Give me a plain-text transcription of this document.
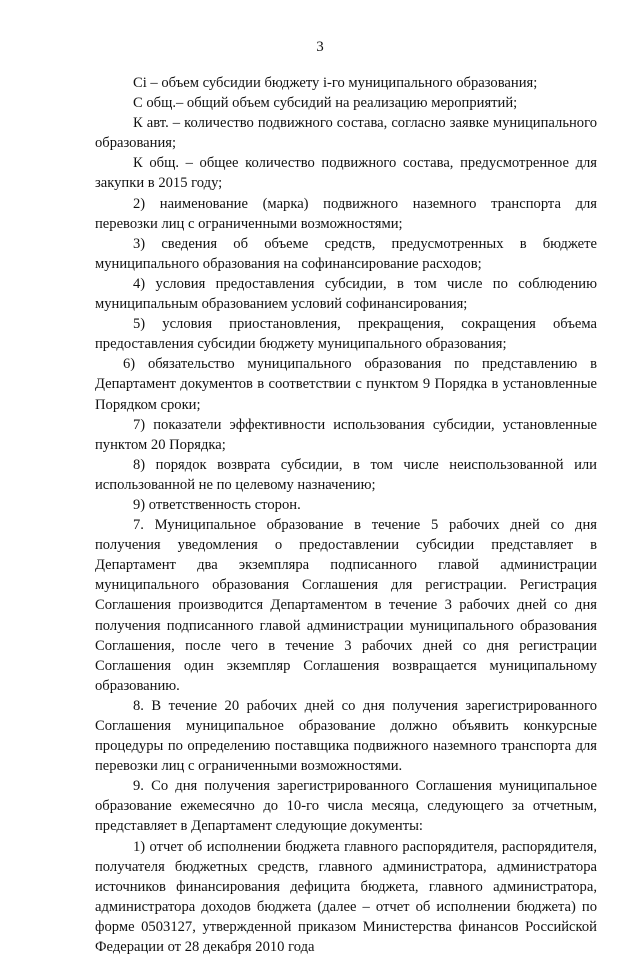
3

Ci – объем субсидии бюджету i-го муниципального образования;

С общ.– общий объем субсидий на реализацию мероприятий;

К авт. – количество подвижного состава, согласно заявке муниципального образования;

К общ. – общее количество подвижного состава, предусмотренное для закупки в 2015 году;

2) наименование (марка) подвижного наземного транспорта для перевозки лиц с ограниченными возможностями;

3) сведения об объеме средств, предусмотренных в бюджете муниципального образования на софинансирование расходов;

4) условия предоставления субсидии, в том числе по соблюдению муниципальным образованием условий софинансирования;

5) условия приостановления, прекращения, сокращения объема предоставления субсидии бюджету муниципального образования;

6) обязательство муниципального образования по представлению в Департамент документов в соответствии с пунктом 9 Порядка в установленные Порядком сроки;

7) показатели эффективности использования субсидии, установленные пунктом 20 Порядка;

8) порядок возврата субсидии, в том числе неиспользованной или использованной не по целевому назначению;

9) ответственность сторон.

7. Муниципальное образование в течение 5 рабочих дней со дня получения уведомления о предоставлении субсидии представляет в Департамент два экземпляра подписанного главой администрации муниципального образования Соглашения для регистрации. Регистрация Соглашения производится Департаментом в течение 3 рабочих дней со дня получения подписанного главой администрации муниципального образования Соглашения, после чего в течение 3 рабочих дней со дня регистрации Соглашения один экземпляр Соглашения возвращается муниципальному образованию.

8. В течение 20 рабочих дней со дня получения зарегистрированного Соглашения муниципальное образование должно объявить конкурсные процедуры по определению поставщика подвижного наземного транспорта для перевозки лиц с ограниченными возможностями.

9. Со дня получения зарегистрированного Соглашения муниципальное образование ежемесячно до 10-го числа месяца, следующего за отчетным, представляет в Департамент следующие документы:

1) отчет об исполнении бюджета главного распорядителя, распорядителя, получателя бюджетных средств, главного администратора, администратора источников финансирования дефицита бюджета, главного администратора, администратора доходов бюджета (далее – отчет об исполнении бюджета) по форме 0503127, утвержденной приказом Министерства финансов Российской Федерации от 28 декабря 2010 года
